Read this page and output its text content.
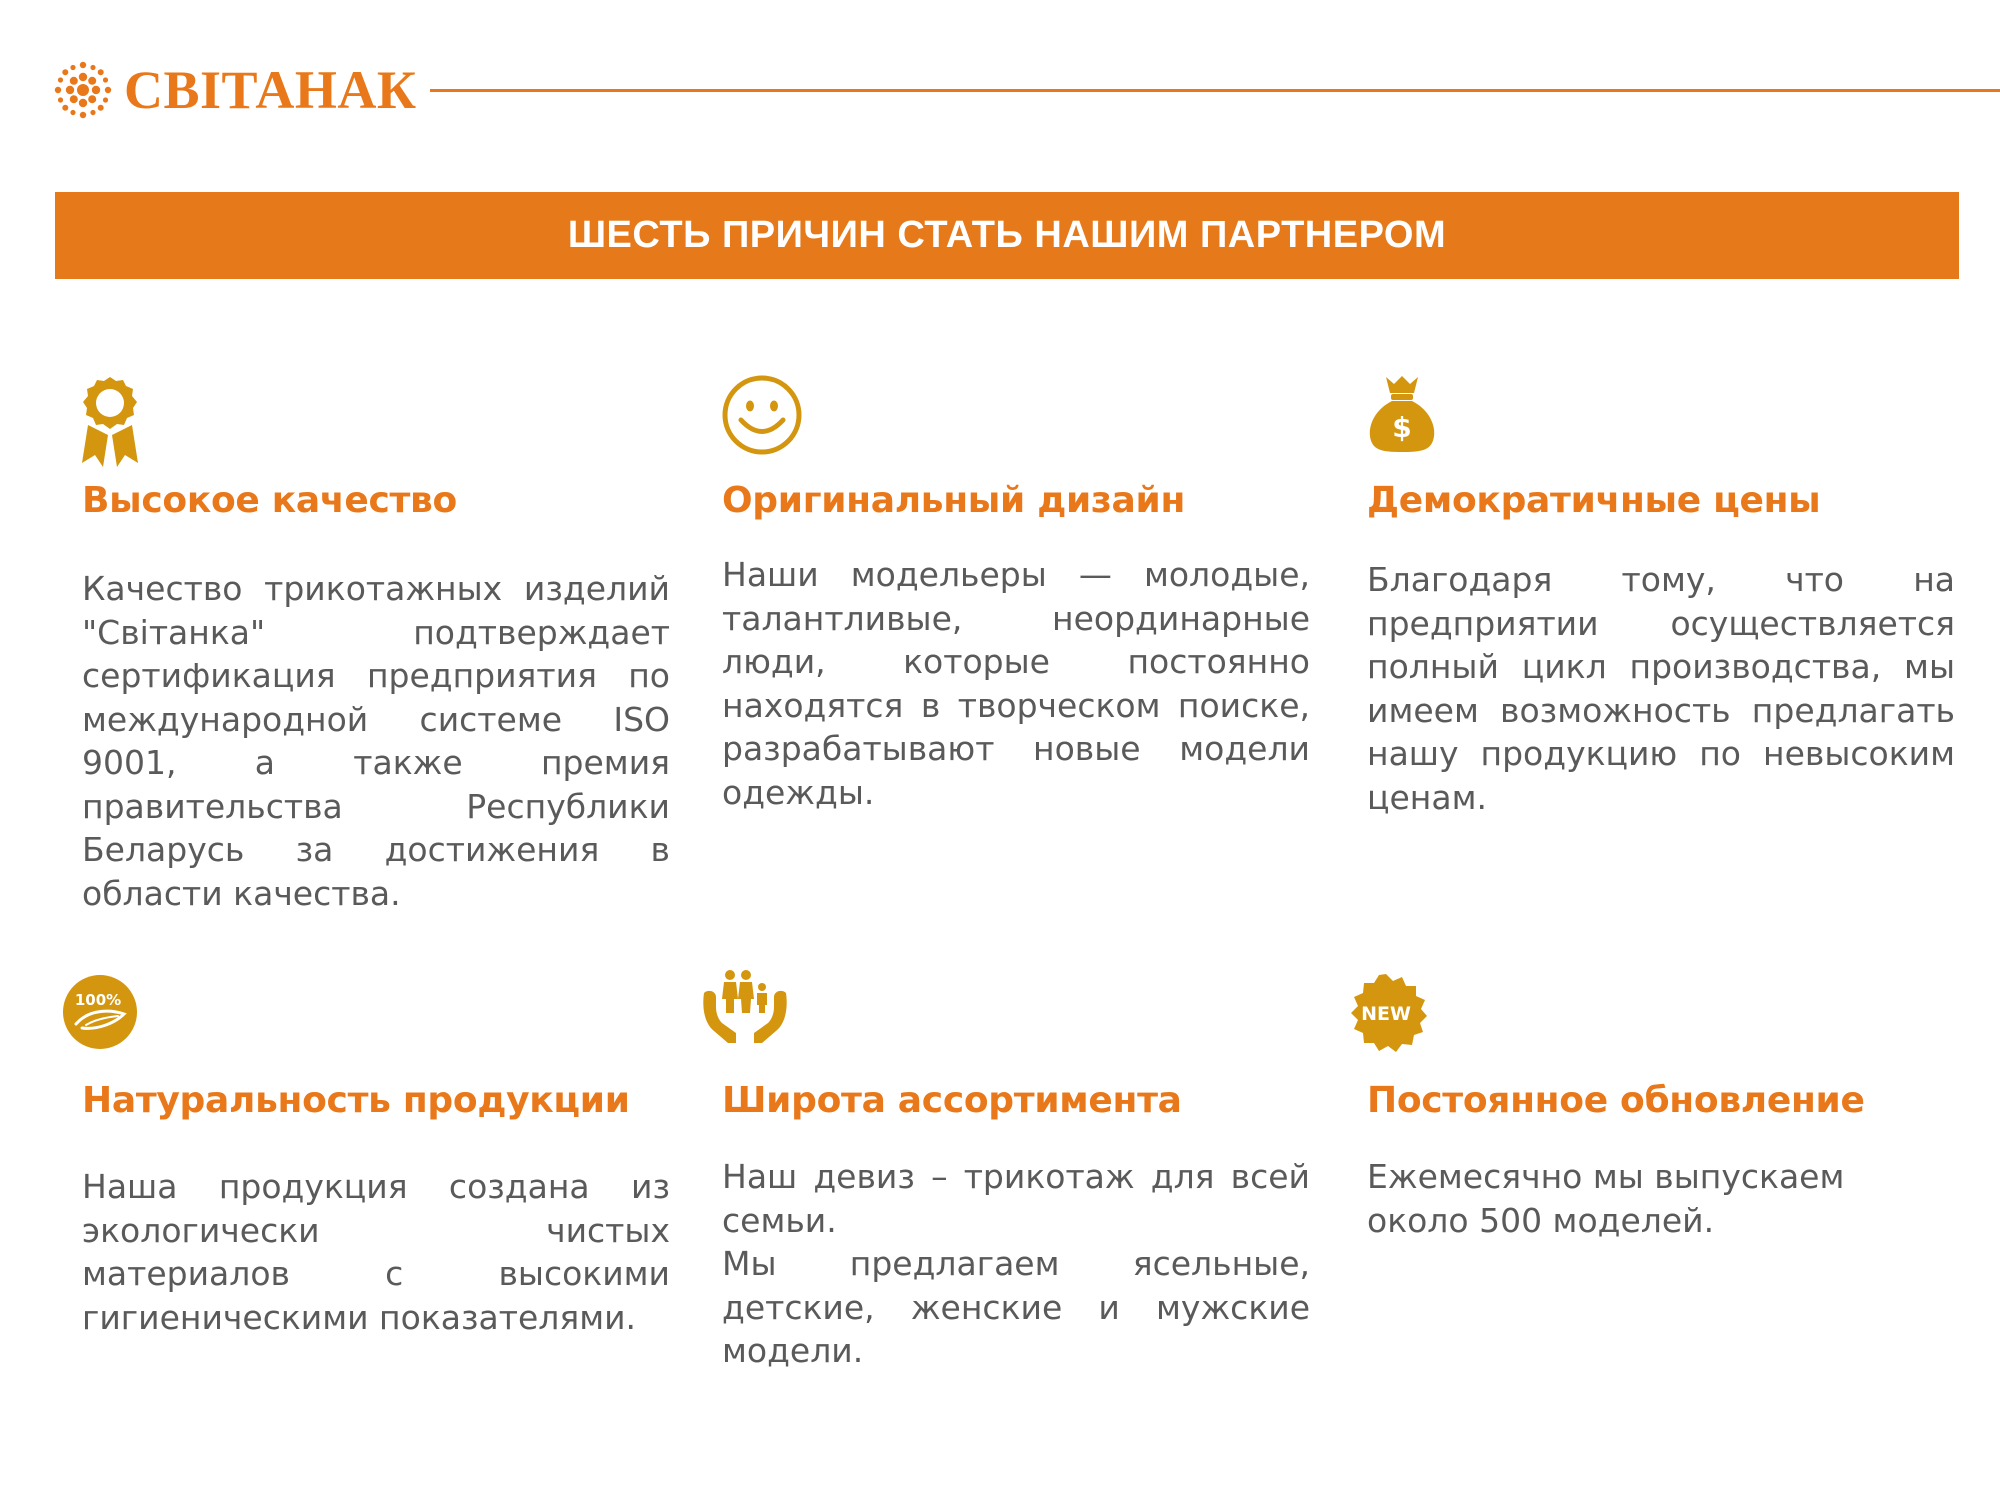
СВІТАНАК
ШЕСТЬ ПРИЧИН СТАТЬ НАШИМ ПАРТНЕРОМ
Высокое качество

Качество трикотажных изделий "Світанка" подтверждает сертификация предприятия по международной системе ISO 9001, а также премия правительства Республики Беларусь за достижения в области качества.

Оригинальный дизайн

Наши модельеры — молодые, талантливые, неординарные люди, которые постоянно находятся в творческом поиске, разрабатывают новые модели одежды.

$
Демократичные цены

Благодаря тому, что на предприятии осуществляется полный цикл производства, мы имеем возможность предлагать нашу продукцию по невысоким ценам.

100%
Натуральность продукции

Наша продукция создана из экологически чистых материалов с высокими гигиеническими показателями.

Широта ассортимента

Наш девиз – трикотаж для всей семьи.
Мы предлагаем ясельные, детские, женские и мужские модели.

NEW
Постоянное обновление

Ежемесячно мы выпускаем около 500 моделей.
